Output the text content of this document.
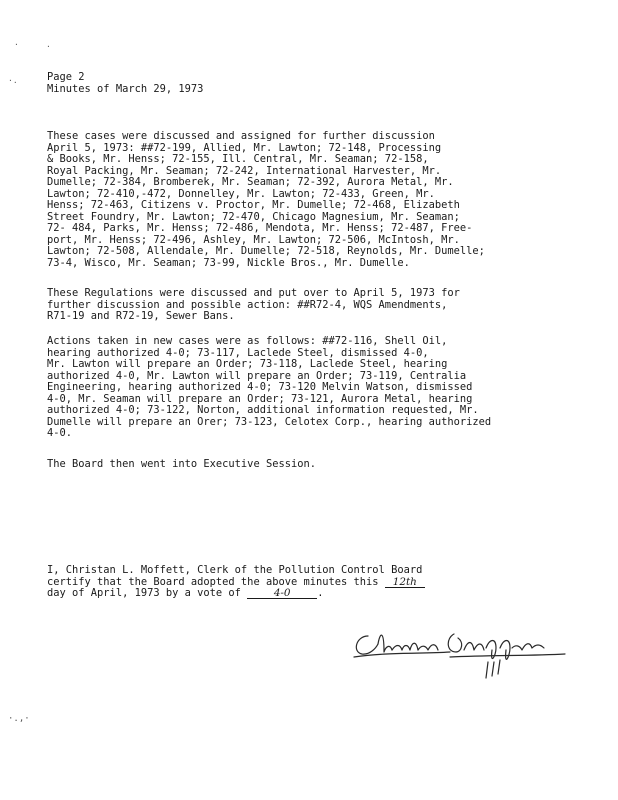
·	·
·.	Page 2
Minutes of March 29, 1973
These cases were discussed and assigned for further discussion
April 5, 1973: ##72-199, Allied, Mr. Lawton; 72-148, Processing
& Books, Mr. Henss; 72-155, Ill. Central, Mr. Seaman; 72-158,
Royal Packing, Mr. Seaman; 72-242, International Harvester, Mr.
Dumelle; 72-384, Bromberek, Mr. Seaman; 72-392, Aurora Metal, Mr.
Lawton; 72-410,-472, Donnelley, Mr. Lawton; 72-433, Green, Mr.
Henss; 72-463, Citizens v. Proctor, Mr. Dumelle; 72-468, Elizabeth
Street Foundry, Mr. Lawton; 72-470, Chicago Magnesium, Mr. Seaman;
72- 484, Parks, Mr. Henss; 72-486, Mendota, Mr. Henss; 72-487, Free-
port, Mr. Henss; 72-496, Ashley, Mr. Lawton; 72-506, McIntosh, Mr.
Lawton; 72-508, Allendale, Mr. Dumelle; 72-518, Reynolds, Mr. Dumelle;
73-4, Wisco, Mr. Seaman; 73-99, Nickle Bros., Mr. Dumelle.
These Regulations were discussed and put over to April 5, 1973 for
further discussion and possible action: ##R72-4, WQS Amendments,
R71-19 and R72-19, Sewer Bans.
Actions taken in new cases were as follows: ##72-116, Shell Oil,
hearing authorized 4-0; 73-117, Laclede Steel, dismissed 4-0,
Mr. Lawton will prepare an Order; 73-118, Laclede Steel, hearing
authorized 4-0, Mr. Lawton will prepare an Order; 73-119, Centralia
Engineering, hearing authorized 4-0; 73-120 Melvin Watson, dismissed
4-0, Mr. Seaman will prepare an Order; 73-121, Aurora Metal, hearing
authorized 4-0; 73-122, Norton, additional information requested, Mr.
Dumelle will prepare an Orer; 73-123, Celotex Corp., hearing authorized
4-0.
The Board then went into Executive Session.
I, Christan L. Moffett, Clerk of the Pollution Control Board
certify that the Board adopted the above minutes this 12th
day of April, 1973 by a vote of	4-0	.
·.,·
